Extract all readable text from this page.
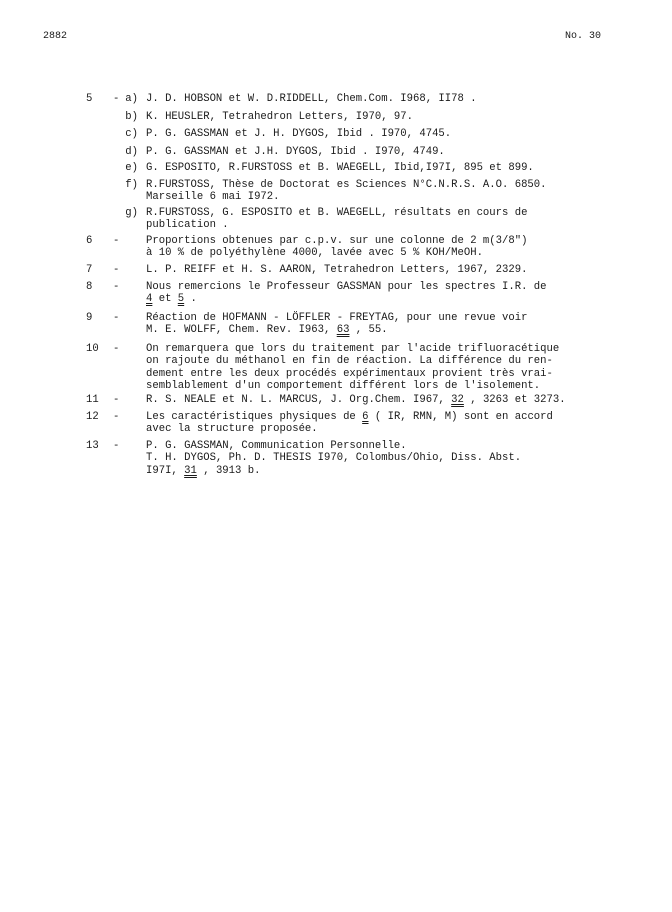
2882	No. 30
5 - a) J. D. HOBSON et W. D.RIDDELL, Chem.Com. I968, II78 .
b) K. HEUSLER, Tetrahedron Letters, I970, 97.
c) P. G. GASSMAN et J. H. DYGOS, Ibid . I970, 4745.
d) P. G. GASSMAN et J.H. DYGOS, Ibid . I970, 4749.
e) G. ESPOSITO, R.FURSTOSS et B. WAEGELL, Ibid,I97I, 895 et 899.
f) R.FURSTOSS, Thèse de Doctorat es Sciences N°C.N.R.S. A.O. 6850.
Marseille 6 mai I972.
g) R.FURSTOSS, G. ESPOSITO et B. WAEGELL, résultats en cours de
publication .
6 -	Proportions obtenues par c.p.v. sur une colonne de 2 m(3/8")
à 10 % de polyéthylène 4000, lavée avec 5 % KOH/MeOH.
7 -	L. P. REIFF et H. S. AARON, Tetrahedron Letters, 1967, 2329.
8 -	Nous remercions le Professeur GASSMAN pour les spectres I.R. de
4 et 5 .
9 -	Réaction de HOFMANN - LÖFFLER - FREYTAG, pour une revue voir
M. E. WOLFF, Chem. Rev. I963, 63 , 55.
10 -	On remarquera que lors du traitement par l'acide trifluoracétique
on rajoute du méthanol en fin de réaction. La différence du ren-
dement entre les deux procédés expérimentaux provient très vrai-
semblablement d'un comportement différent lors de l'isolement.
11 -	R. S. NEALE et N. L. MARCUS, J. Org.Chem. I967, 32 , 3263 et 3273.
12 -	Les caractéristiques physiques de 6 ( IR, RMN, M) sont en accord
avec la structure proposée.
13 -	P. G. GASSMAN, Communication Personnelle.
T. H. DYGOS, Ph. D. THESIS I970, Colombus/Ohio, Diss. Abst.
I97I, 31 , 3913 b.
